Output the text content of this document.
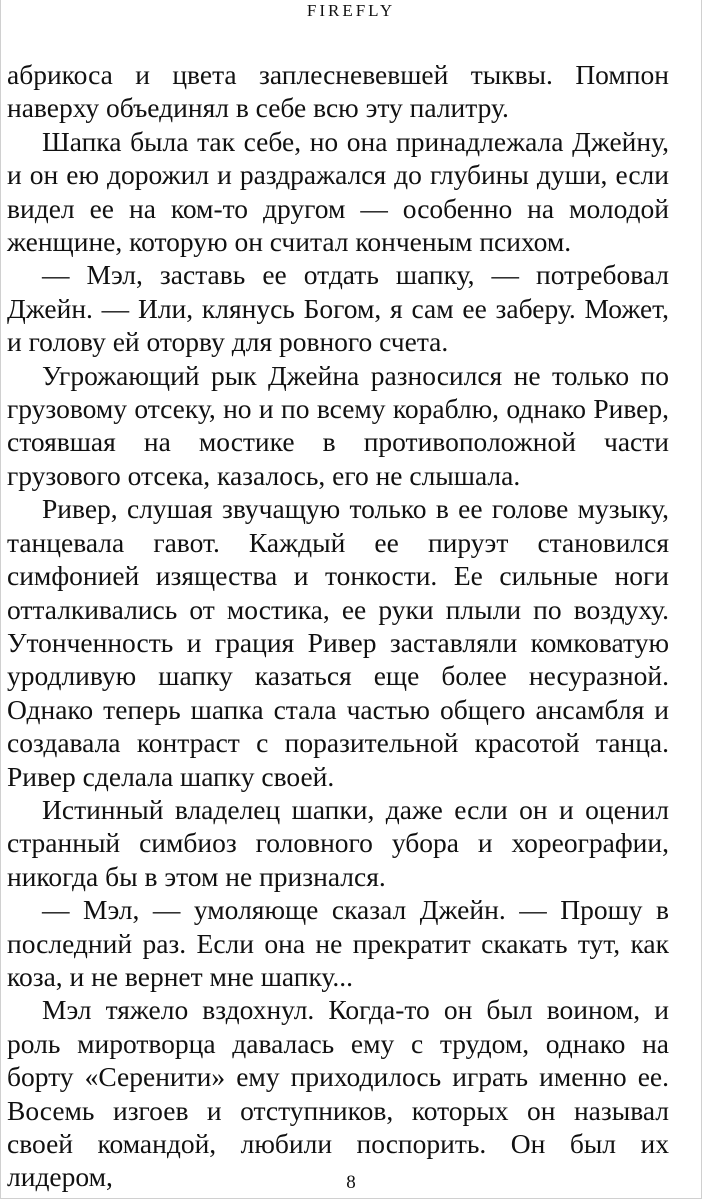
FIREFLY

абрикоса и цвета заплесневевшей тыквы. Помпон наверху объединял в себе всю эту палитру.

Шапка была так себе, но она принадлежала Джейну, и он ею дорожил и раздражался до глубины души, если видел ее на ком-то другом — особенно на молодой женщине, которую он считал конченым психом.

— Мэл, заставь ее отдать шапку, — потребовал Джейн. — Или, клянусь Богом, я сам ее заберу. Может, и голову ей оторву для ровного счета.

Угрожающий рык Джейна разносился не только по грузовому отсеку, но и по всему кораблю, однако Ривер, стоявшая на мостике в противоположной части грузового отсека, казалось, его не слышала.

Ривер, слушая звучащую только в ее голове музыку, танцевала гавот. Каждый ее пируэт становился симфонией изящества и тонкости. Ее сильные ноги отталкивались от мостика, ее руки плыли по воздуху. Утонченность и грация Ривер заставляли комковатую уродливую шапку казаться еще более несуразной. Однако теперь шапка стала частью общего ансамбля и создавала контраст с поразительной красотой танца. Ривер сделала шапку своей.

Истинный владелец шапки, даже если он и оценил странный симбиоз головного убора и хореографии, никогда бы в этом не признался.

— Мэл, — умоляюще сказал Джейн. — Прошу в последний раз. Если она не прекратит скакать тут, как коза, и не вернет мне шапку...

Мэл тяжело вздохнул. Когда-то он был воином, и роль миротворца давалась ему с трудом, однако на борту «Серенити» ему приходилось играть именно ее. Восемь изгоев и отступников, которых он называл своей командой, любили поспорить. Он был их лидером,	8
